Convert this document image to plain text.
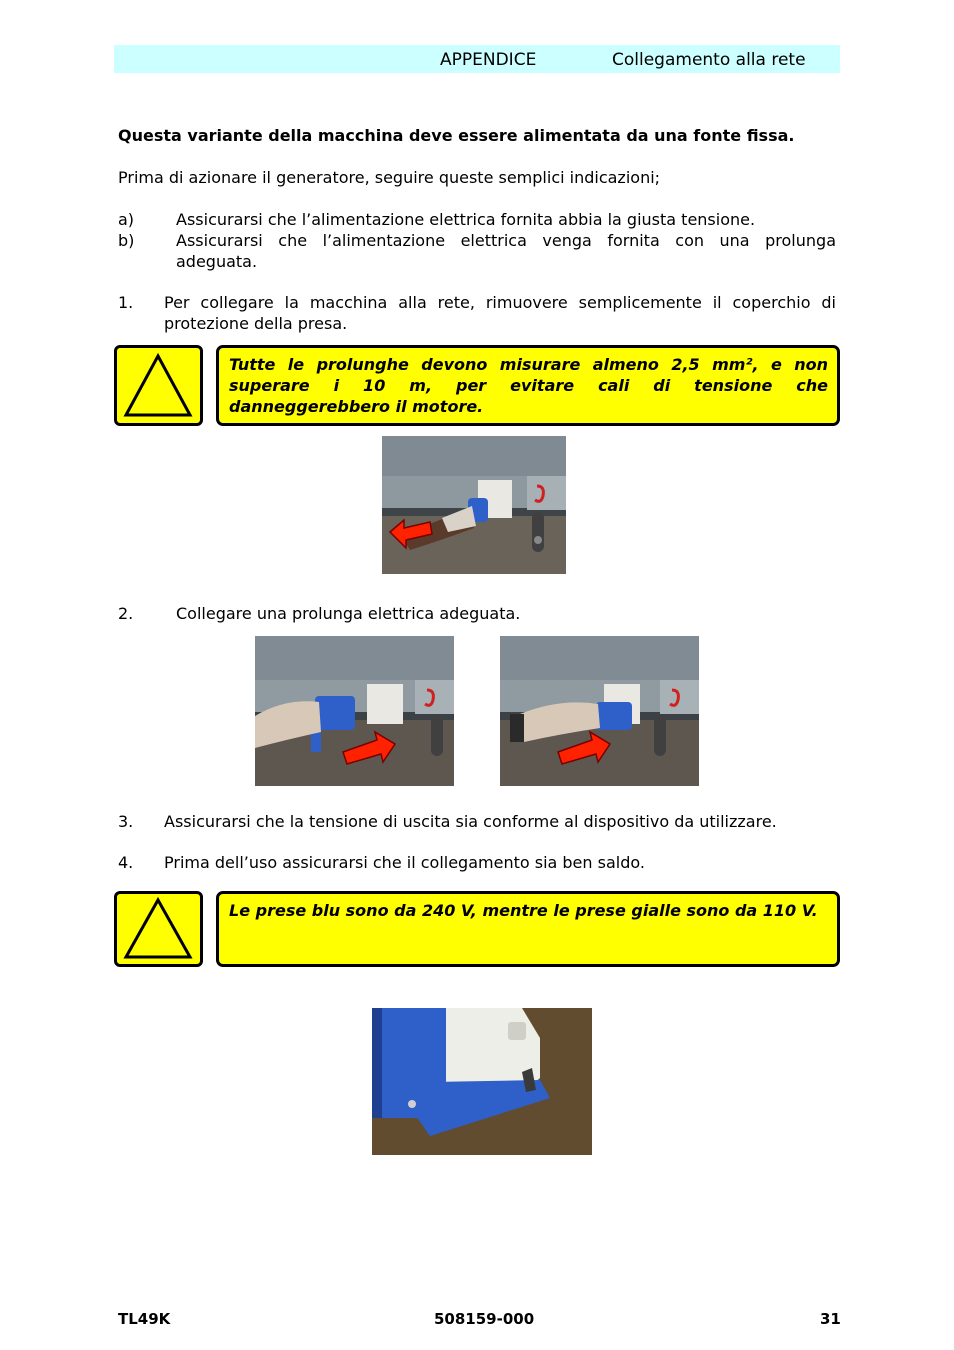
APPENDICE	Collegamento alla rete
Questa variante della macchina deve essere alimentata da una fonte fissa.
Prima di azionare il generatore, seguire queste semplici indicazioni;
a)	Assicurarsi che l’alimentazione elettrica fornita abbia la giusta tensione.
b)	Assicurarsi che l’alimentazione elettrica venga fornita con una prolunga adeguata.
1. Per collegare la macchina alla rete, rimuovere semplicemente il coperchio di protezione della presa.
Tutte le prolunghe devono misurare almeno 2,5 mm², e non superare i 10 m, per evitare cali di tensione che danneggerebbero il motore.
2.	Collegare una prolunga elettrica adeguata.
3. Assicurarsi che la tensione di uscita sia conforme al dispositivo da utilizzare.
4. Prima dell’uso assicurarsi che il collegamento sia ben saldo.
Le prese blu sono da 240 V, mentre le prese gialle sono da 110 V.
TL49K	508159-000	31
